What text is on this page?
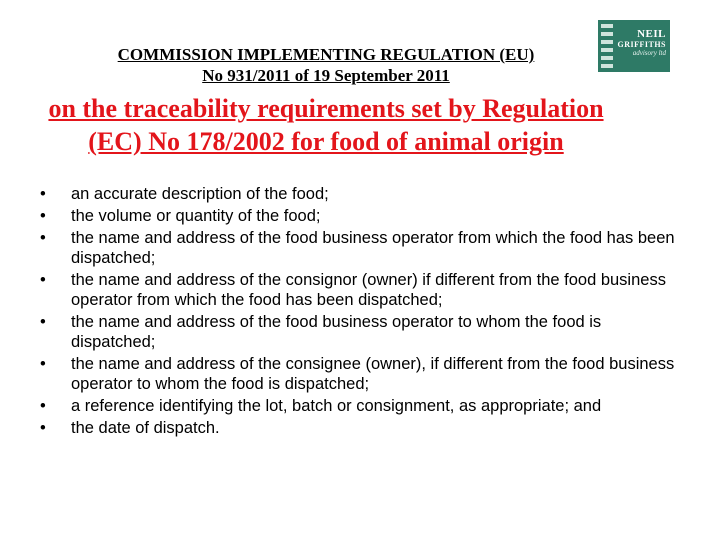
NEIL
GRIFFITHS
advisory ltd
COMMISSION IMPLEMENTING REGULATION (EU)
No 931/2011 of 19 September 2011
on the traceability requirements set by Regulation
(EC) No 178/2002 for food of animal origin
• an accurate description of the food;
• the volume or quantity of the food;
• the name and address of the food business operator from which the food has been dispatched;
• the name and address of the consignor (owner) if different from the food business operator from which the food has been dispatched;
• the name and address of the food business operator to whom the food is dispatched;
• the name and address of the consignee (owner), if different from the food business operator to whom the food is dispatched;
• a reference identifying the lot, batch or consignment, as appropriate; and
• the date of dispatch.
